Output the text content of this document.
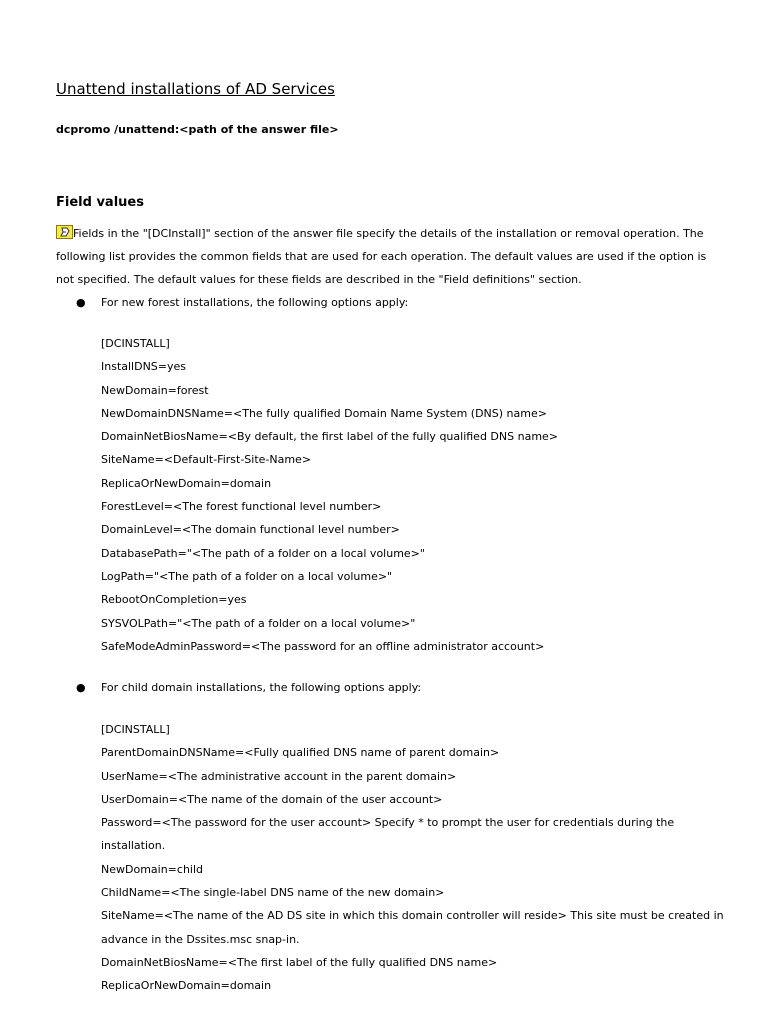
Unattend installations of AD Services
dcpromo /unattend:<path of the answer file>
Field values
Fields in the "[DCInstall]" section of the answer file specify the details of the installation or removal operation. The following list provides the common fields that are used for each operation. The default values are used if the option is not specified. The default values for these fields are described in the "Field definitions" section.
● For new forest installations, the following options apply:
[DCINSTALL]
InstallDNS=yes
NewDomain=forest
NewDomainDNSName=<The fully qualified Domain Name System (DNS) name>
DomainNetBiosName=<By default, the first label of the fully qualified DNS name>
SiteName=<Default-First-Site-Name>
ReplicaOrNewDomain=domain
ForestLevel=<The forest functional level number>
DomainLevel=<The domain functional level number>
DatabasePath="<The path of a folder on a local volume>"
LogPath="<The path of a folder on a local volume>"
RebootOnCompletion=yes
SYSVOLPath="<The path of a folder on a local volume>"
SafeModeAdminPassword=<The password for an offline administrator account>
● For child domain installations, the following options apply:
[DCINSTALL]
ParentDomainDNSName=<Fully qualified DNS name of parent domain>
UserName=<The administrative account in the parent domain>
UserDomain=<The name of the domain of the user account>
Password=<The password for the user account> Specify * to prompt the user for credentials during the installation.
NewDomain=child
ChildName=<The single-label DNS name of the new domain>
SiteName=<The name of the AD DS site in which this domain controller will reside> This site must be created in advance in the Dssites.msc snap-in.
DomainNetBiosName=<The first label of the fully qualified DNS name>
ReplicaOrNewDomain=domain
